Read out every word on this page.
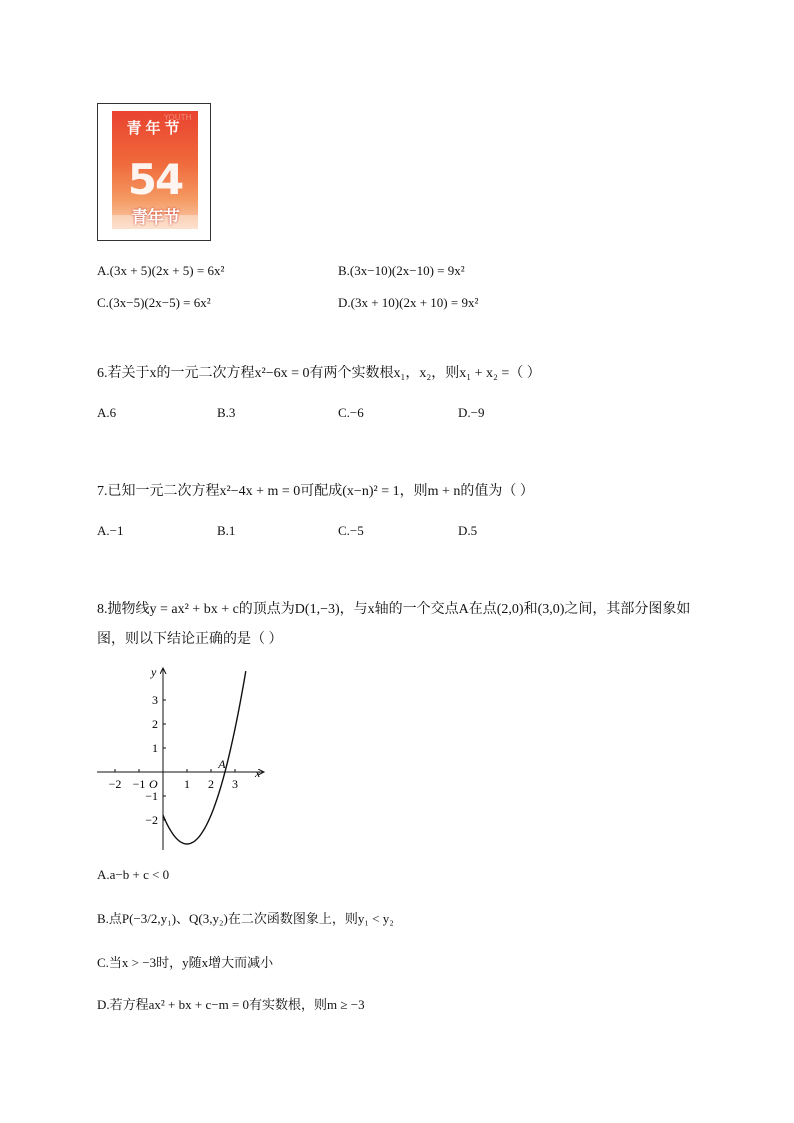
YOUTH
青年节
54
青年节
A.(3x + 5)(2x + 5) = 6x²	B.(3x−10)(2x−10) = 9x²
C.(3x−5)(2x−5) = 6x²	D.(3x + 10)(2x + 10) = 9x²
6.若关于x的一元二次方程x²−6x = 0有两个实数根x₁，x₂，则x₁ + x₂ =（ ）
A.6	B.3	C.−6	D.−9
7.已知一元二次方程x²−4x + m = 0可配成(x−n)² = 1，则m + n的值为（ ）
A.−1	B.1	C.−5	D.5
8.抛物线y = ax² + bx + c的顶点为D(1,−3)，与x轴的一个交点A在点(2,0)和(3,0)之间，其部分图象如
图，则以下结论正确的是（ ）
−2 −1	1 2 3
3
2
1
−1
−2
x
y
O
A
A.a−b + c < 0
B.点P(−3/2,y₁)、Q(3,y₂)在二次函数图象上，则y₁ < y₂
C.当x > −3时，y随x增大而减小
D.若方程ax² + bx + c−m = 0有实数根，则m ≥ −3
